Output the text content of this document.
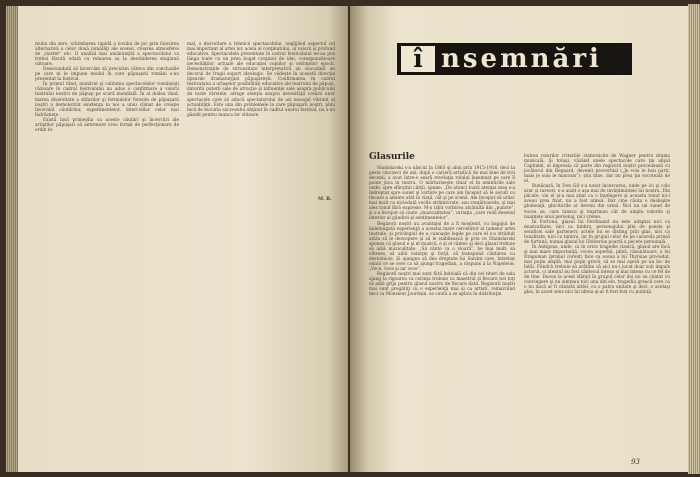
mului din zero, schimbarea rapidă a locului de joc prin folosirea alternativă a celor două jumătăţi ale scenei, crearea atmosferei de „mister” etc. O analiză mai amănunţită a spectacolului va trebui făcută odată cu reluarea sa la deschiderea stagiunii viitoare.

Desecundată să încercăm să precizăm câteva din concluziile pe care ni le impune modul în care păpuşarii români s-au prezentat la festival.

În primul rând, numărul şi calitatea spectacolelor româneşti văzioare în cadrul festivalului au adus o confirmare a valorii teatrului nostru de păpuşi pe scară mondială. În al doilea rând, marea diversitate a stilurilor şi formulelor folosite de păpuşarii noştri a demonstrat existenţa la noi a unui climat de creaţie favorabil căutărilor, experimentelor, intercolilor celor mai îndrăzneţe.

Există însă primejdia ca aceste căutări şi încercări ale artiştilor păpuşari să antreneze vreo formă de perfecţionare de ordin fo-

mal, o dezvoltare a tehnicii spectacolului, neglijând aspectul cel mai important al artei lor, acela al conţinutului, al valorii şi profund educative. Spectacolele prezentate în cadrul festivalului ne-au pus lânga toate cu un prea bogat conţinut de idei, corespunzătoare necesităţilor actuale ale educaţiei copiilor şi cerinţelor epocii. Demonstraţiile de virtuozitate interpretativă au ciocodată un decorul de fragii suport ideologic. Se vădeşte în această direcţie lipsurile dramaturgiei păpuşăreşti. Confirmarea în cadrul festivalului a urlaşelor posibilităţi educative ale teatrului de păpuşi, datorită puterii sale de atracţie şi influenţei sale asupra publicului de toate vârstele, atrage atenţia asupra necesităţii creării unor spectacole care să aducă spectatorului de azi mesajul vibrant al actualităţii. Este una din problemele la care păpuşarii noştri, plini încă de bucuria succesului obţinut în cadrul unarui festival, nu s-au gândit pentru munca lor viitoare.

M. B.
î nsemnări
Glasurile

Stanislavski s-a născut la 1863 şi abia prin 1915-1916, deci la peste cincizeci de ani, după o carieră artistică de mai bine de trei decenii, a avut între-o seară revelaţia rolului însemnat pe care îl poate juca în teatru. O mărturiseşte chiar el în amintirile sale unde, spre sfârşitul cărţii, spune: „De atunci toată atenţia mea s-a îndreptat spre sunet şi vorbire pe care am început să le ascult cu fiecare a aminte atât în viaţă, cât şi pe scenă. Am început să urăsc mai mult ca niciodată vocile strâmtorate, sau ronţăitoarele, şi mai ales tonul fără expresie. M-a izbit vorbirea alcătuită din „puncte”, şi s-a început să caute „muzicalitatea”, variaţia „care redă desenul interior al gândirii şi sentimentelor”.

Regizorii noştri au avantajul de a fi moştenit, cu bagajul de îndelungată experienţă a acestui mare cercetător al tainelor artei teatrale, şi privilegiul de a cunoaşte legile pe care el s-a străduit atâta să le descopere şi să le stabilească şi prin ce Stanislavski spunea că glasul e şi el muzică, e şi el cântec şi deci glasul trebuie să aibă muzicalitate. „Să cânte ca o vioară”, be mai mult: să vibreze, să aibă variaţie şi forţă, să transpună cântarea cu destoinicie. Şi ajungea să dea dreptate lui Salvini care, întrebat odată ce se cere ca să ajungi tragedian, a răspuns à la Napoleon: „Voce, voce şi iar voce”.

Regizorii noştri mai sunt fără îndoială că din cei tineri de sala ajung la rigoarea ca cerinţa trebuie ca maestrul şi fiecare noi toţi să aibă grija pentru glasul nostru de fiecare dată. Regizorii noştri mai sunt pregătiţi cu o experienţă mai şi ca artişti, remarcând deci ca Monsieur Jourdain, se caută a se aplica în distribuţie.

buirea rolurilor criteriile statornicite de Wagner pentru drama muzicală. Şi totuşi, văzând unele spectacole care ţin afişul Capitalei, ai impresia că parte din regizorii noştri procedează cu jocătorul din Regnard, devenit proverbial („Je vois le bon parti, mais je suis le mauvais”): ştiu bine, dar nu prea ţin socoteală de el.

Bunăoară, în Don Gil s-a notat încercarea, unde pe ici şi colo arar şi rareori, s-a auzit o aşa mai de invăţămintele lui nostru. Din păcate, viu el şi-a mai ştiut ca o înţelegere şi aceasta tonul nu-l aveau prea fixat, nu a fost atinsă. Dar cine căuta o desluşire glumeaţă, ghiciturile ar deveni din urmă. Nici nu un sunet de vocea sa, care luneca şi imprimau cât de amplu valorile şi nuanţele unui personaj, nici vreme.

În Fortuna, glasul lui Ferdinand nu este adaptat nici ca muzicalitate, nici ca timbru, personajului plin de poezie şi seraficei sale parteneri; actele nu se disting prin glas, nici ca tonalitate, nici ca timbru, iar în grupul celor de pe caravela prinsă de furtună, numai glasul lui Ghiberius poartă a pecete personală.

În Antigona, unde, ca în orice tragedie clasică, glasul are încă şi mai mare importanţă, vocea superbă, plină, răsunătoare, a lui Dragoman (primul coreut) face ca scena a lui Thyrsias procedat, mai puţin amplă, mai puţin gravă, să se mai aşeză pe un loc de întâi. Fiindcă trebuie să arătăm că aici nu-i jucat doar sub impuls actorul, ci atentul nu fost cântecul intens şi mai intens cu ce fel de de tine. Ducea la acest sfârşit în grupul celor doi nu au cântat cu convingere şi nu simţeau nici una din ele, tragedia greacă cere ca o nu dacă ar fi cântată altfel, cu o patru unitate şi deci, o acelaşi glas, în acest sens nici lui alteia şi-ar fi fost fost cu putinţă.

93
